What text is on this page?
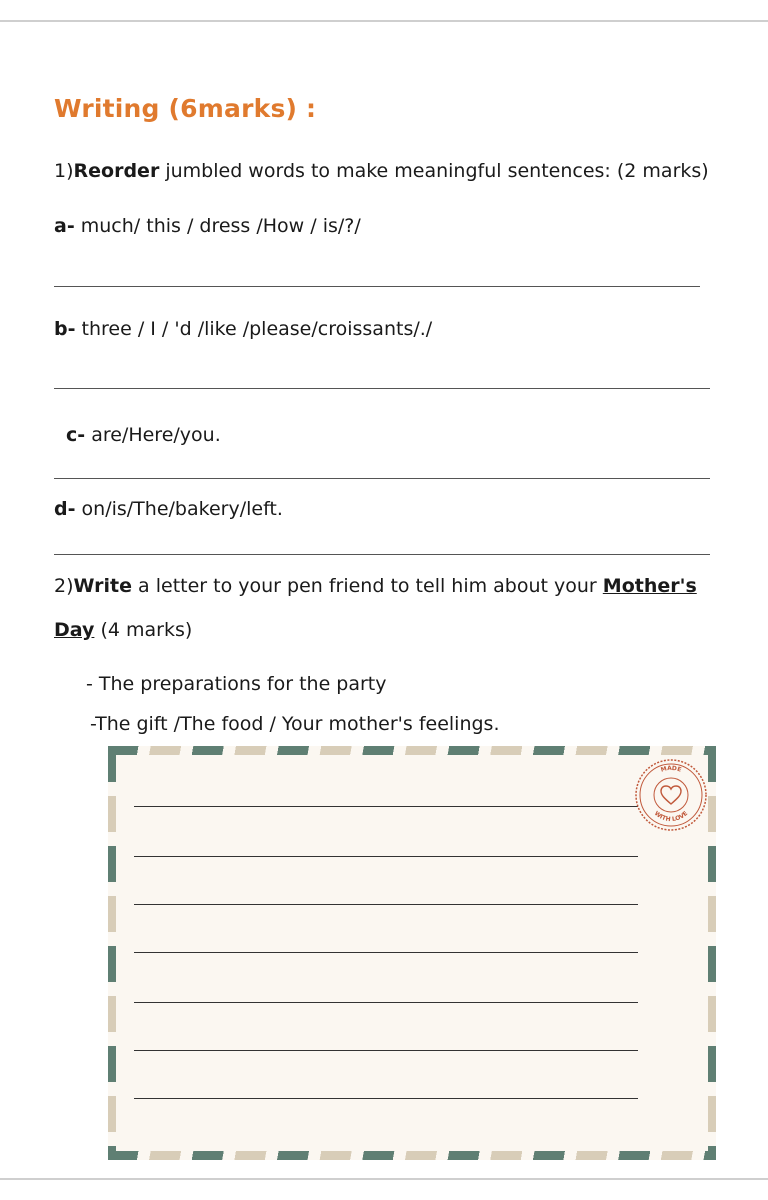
Writing (6marks) :
1)Reorder jumbled words to make meaningful sentences: (2 marks)
a- much/ this / dress /How / is/?/
b- three / I / 'd /like /please/croissants/./
c- are/Here/you.
d- on/is/The/bakery/left.
2)Write a letter to your pen friend to tell him about your Mother's
Day (4 marks)
- The preparations for the party
-The gift /The food / Your mother's feelings.
MADE
WITH LOVE
